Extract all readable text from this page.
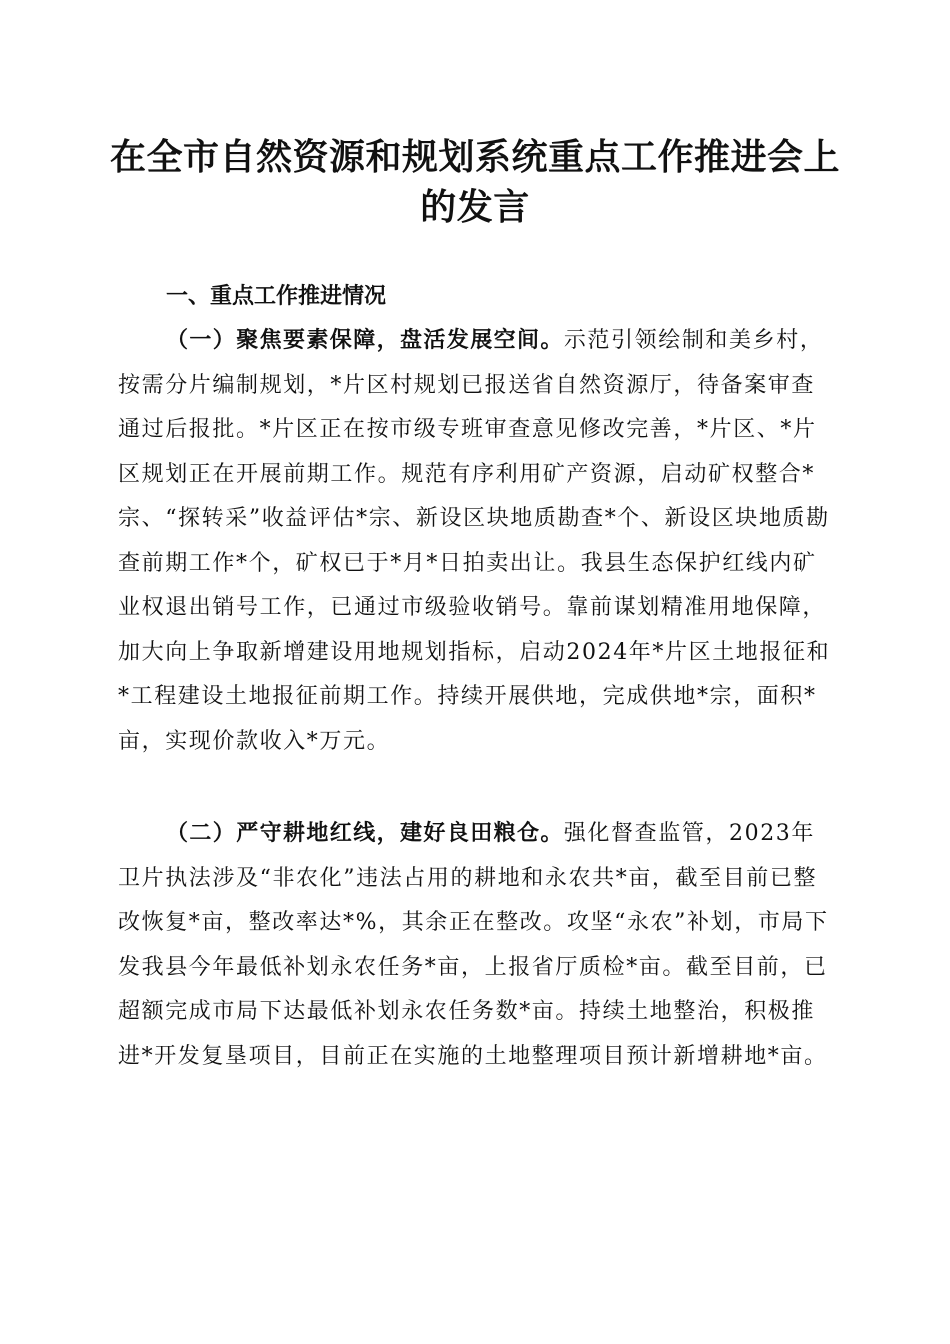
在全市自然资源和规划系统重点工作推进会上
的发言
一、重点工作推进情况

（一）聚焦要素保障，盘活发展空间。示范引领绘制和美乡村，按需分片编制规划，*片区村规划已报送省自然资源厅，待备案审查通过后报批。*片区正在按市级专班审查意见修改完善，*片区、*片区规划正在开展前期工作。规范有序利用矿产资源，启动矿权整合*宗、“探转采”收益评估*宗、新设区块地质勘查*个、新设区块地质勘查前期工作*个，矿权已于*月*日拍卖出让。我县生态保护红线内矿业权退出销号工作，已通过市级验收销号。靠前谋划精准用地保障，加大向上争取新增建设用地规划指标，启动2024年*片区土地报征和*工程建设土地报征前期工作。持续开展供地，完成供地*宗，面积*亩，实现价款收入*万元。

（二）严守耕地红线，建好良田粮仓。强化督查监管，2023年卫片执法涉及“非农化”违法占用的耕地和永农共*亩，截至目前已整改恢复*亩，整改率达*%，其余正在整改。攻坚“永农”补划，市局下发我县今年最低补划永农任务*亩，上报省厅质检*亩。截至目前，已超额完成市局下达最低补划永农任务数*亩。持续土地整治，积极推进*开发复垦项目，目前正在实施的土地整理项目预计新增耕地*亩。
